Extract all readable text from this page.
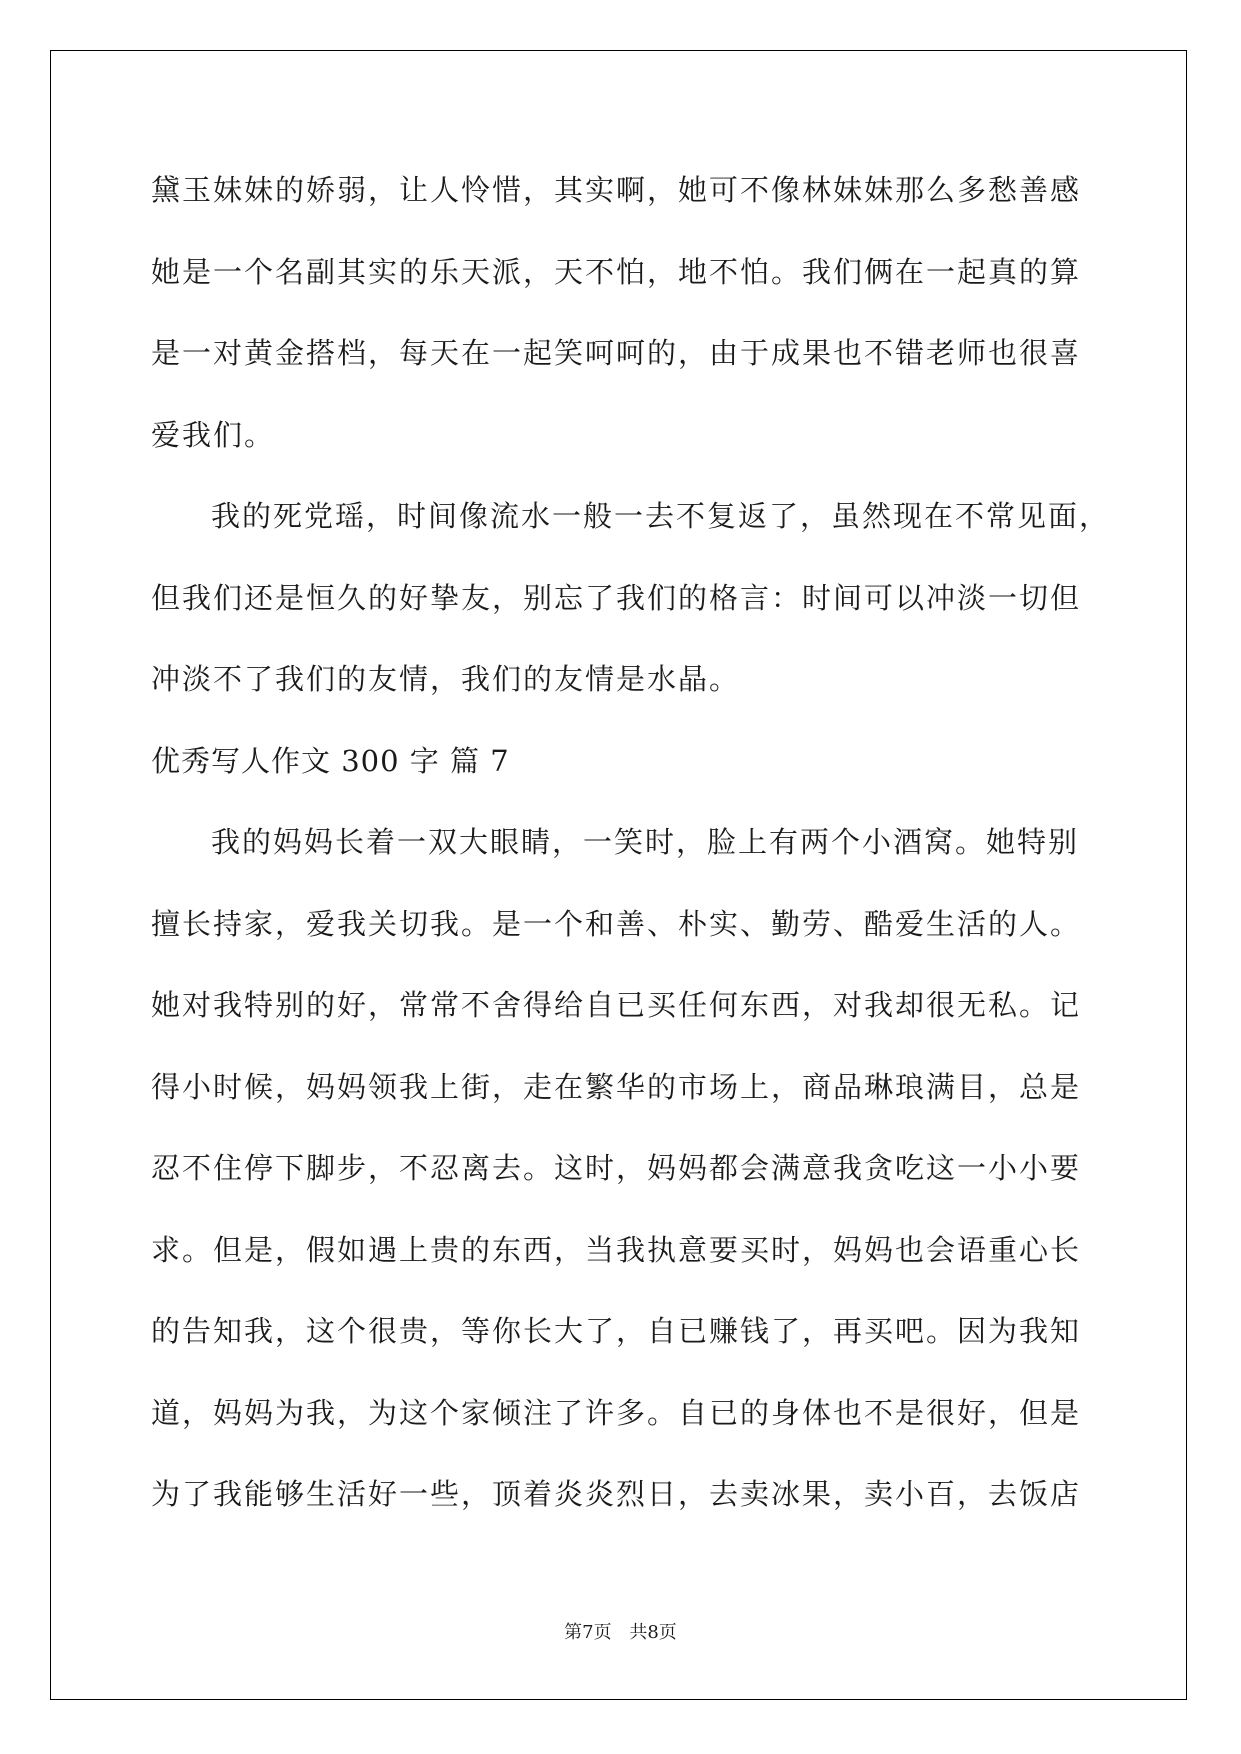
黛玉妹妹的娇弱，让人怜惜，其实啊，她可不像林妹妹那么多愁善感

她是一个名副其实的乐天派，天不怕，地不怕。我们俩在一起真的算

是一对黄金搭档，每天在一起笑呵呵的，由于成果也不错老师也很喜

爱我们。

我的死党瑶，时间像流水一般一去不复返了，虽然现在不常见面，

但我们还是恒久的好挚友，别忘了我们的格言：时间可以冲淡一切但

冲淡不了我们的友情，我们的友情是水晶。

优秀写人作文 300 字 篇 7

我的妈妈长着一双大眼睛，一笑时，脸上有两个小酒窝。她特别

擅长持家，爱我关切我。是一个和善、朴实、勤劳、酷爱生活的人。

她对我特别的好，常常不舍得给自已买任何东西，对我却很无私。记

得小时候，妈妈领我上街，走在繁华的市场上，商品琳琅满目，总是

忍不住停下脚步，不忍离去。这时，妈妈都会满意我贪吃这一小小要

求。但是，假如遇上贵的东西，当我执意要买时，妈妈也会语重心长

的告知我，这个很贵，等你长大了，自已赚钱了，再买吧。因为我知

道，妈妈为我，为这个家倾注了许多。自已的身体也不是很好，但是

为了我能够生活好一些，顶着炎炎烈日，去卖冰果，卖小百，去饭店

第7页 共8页
